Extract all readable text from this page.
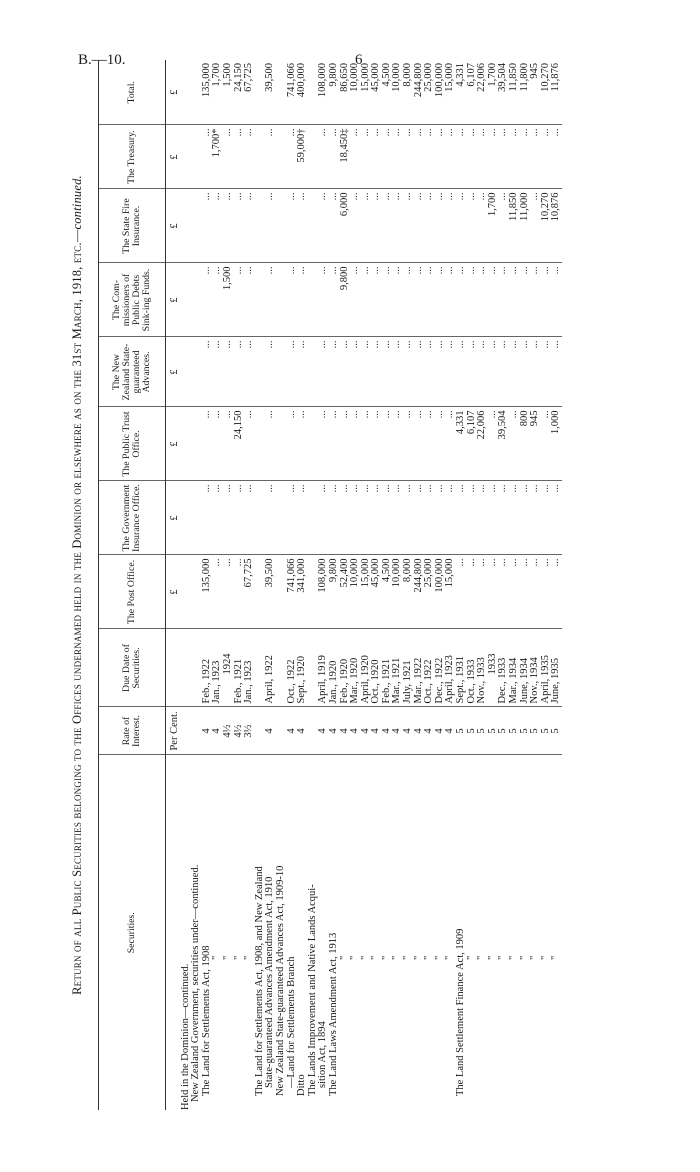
B.—10.	6
Return of all Public Securities belonging to the Offices undernamed held in the Dominion or elsewhere as on the 31st March, 1918, etc.—continued.
Securities.	Rate of Interest.	Due Date of Securities.	The Post Office.	The Government Insurance Office.	The Public Trust Office.	The New Zealand State-guaranteed Advances.	The Com-missioners of Public Debts Sink-ing Funds.	The State Fire Insurance.	The Treasury.	Total.
	Per Cent.		£	£	£	£	£	£	£	£
Held in the Dominion—continued.										
New Zealand Government, securities under—continued.										
The Land for Settlements Act, 1908	4	Feb., 1922	135,000	...	...	...	...	...	...	135,000
"	4	Jan., 1923	...	...	...	...	...	...	1,700*	1,700
"	4½	1924	...	...	...	...	1,500	...	...	1,500
"	4½	Feb., 1921	...	...	24,150	...	...	...	...	24,150
"	3½	Jan., 1923	67,725	...	...	...	...	...	...	67,725
The Land for Settlements Act, 1908, and New Zealand										
State-guaranteed Advances Amendment Act, 1910	4	April, 1922	39,500	...	...	...	...	...	...	39,500
New Zealand State-guaranteed Advances Act, 1909-10										
—Land for Settlements Branch	4	Oct., 1922	741,066	...	...	...	...	...	...	741,066
Ditto	4	Sept., 1920	341,000	...	...	...	...	...	59,000†	400,000
The Lands Improvement and Native Lands Acqui-										
sition Act, 1894	4	April, 1919	108,000	...	...	...	...	...	...	108,000
The Land Laws Amendment Act, 1913	4	Jan., 1920	9,800	...	...	...	...	...	...	9,800
"	4	Feb., 1920	52,400	...	...	...	9,800	6,000	18,450‡	86,650
"	4	Mar., 1920	10,000	...	...	...	...	...	...	10,000
"	4	April, 1920	15,000	...	...	...	...	...	...	15,000
"	4	Oct., 1920	45,000	...	...	...	...	...	...	45,000
"	4	Feb., 1921	4,500	...	...	...	...	...	...	4,500
"	4	Mar., 1921	10,000	...	...	...	...	...	...	10,000
"	4	July, 1921	8,000	...	...	...	...	...	...	8,000
"	4	Mar., 1922	244,800	...	...	...	...	...	...	244,800
"	4	Oct., 1922	25,000	...	...	...	...	...	...	25,000
"	4	Dec., 1922	100,000	...	...	...	...	...	...	100,000
"	4	April, 1923	15,000	...	...	...	...	...	...	15,000
The Land Settlement Finance Act, 1909	5	Sept., 1931	...	...	4,331	...	...	...	...	4,331
"	5	Oct., 1933	...	...	6,107	...	...	...	...	6,107
"	5	Nov., 1933	...	...	22,006	...	...	...	...	22,006
"	5	1933	...	...	...	...	...	1,700	...	1,700
"	5	Dec., 1933	...	...	39,504	...	...	...	...	39,504
"	5	Mar., 1934	...	...	...	...	...	11,850	...	11,850
"	5	June, 1934	...	...	800	...	...	11,000	...	11,800
"	5	Nov., 1934	...	...	945	...	...	...	...	945
"	5	April, 1935	...	...	...	...	...	10,270	...	10,270
"	5	June, 1935	...	...	1,000	...	...	10,876	...	11,876
